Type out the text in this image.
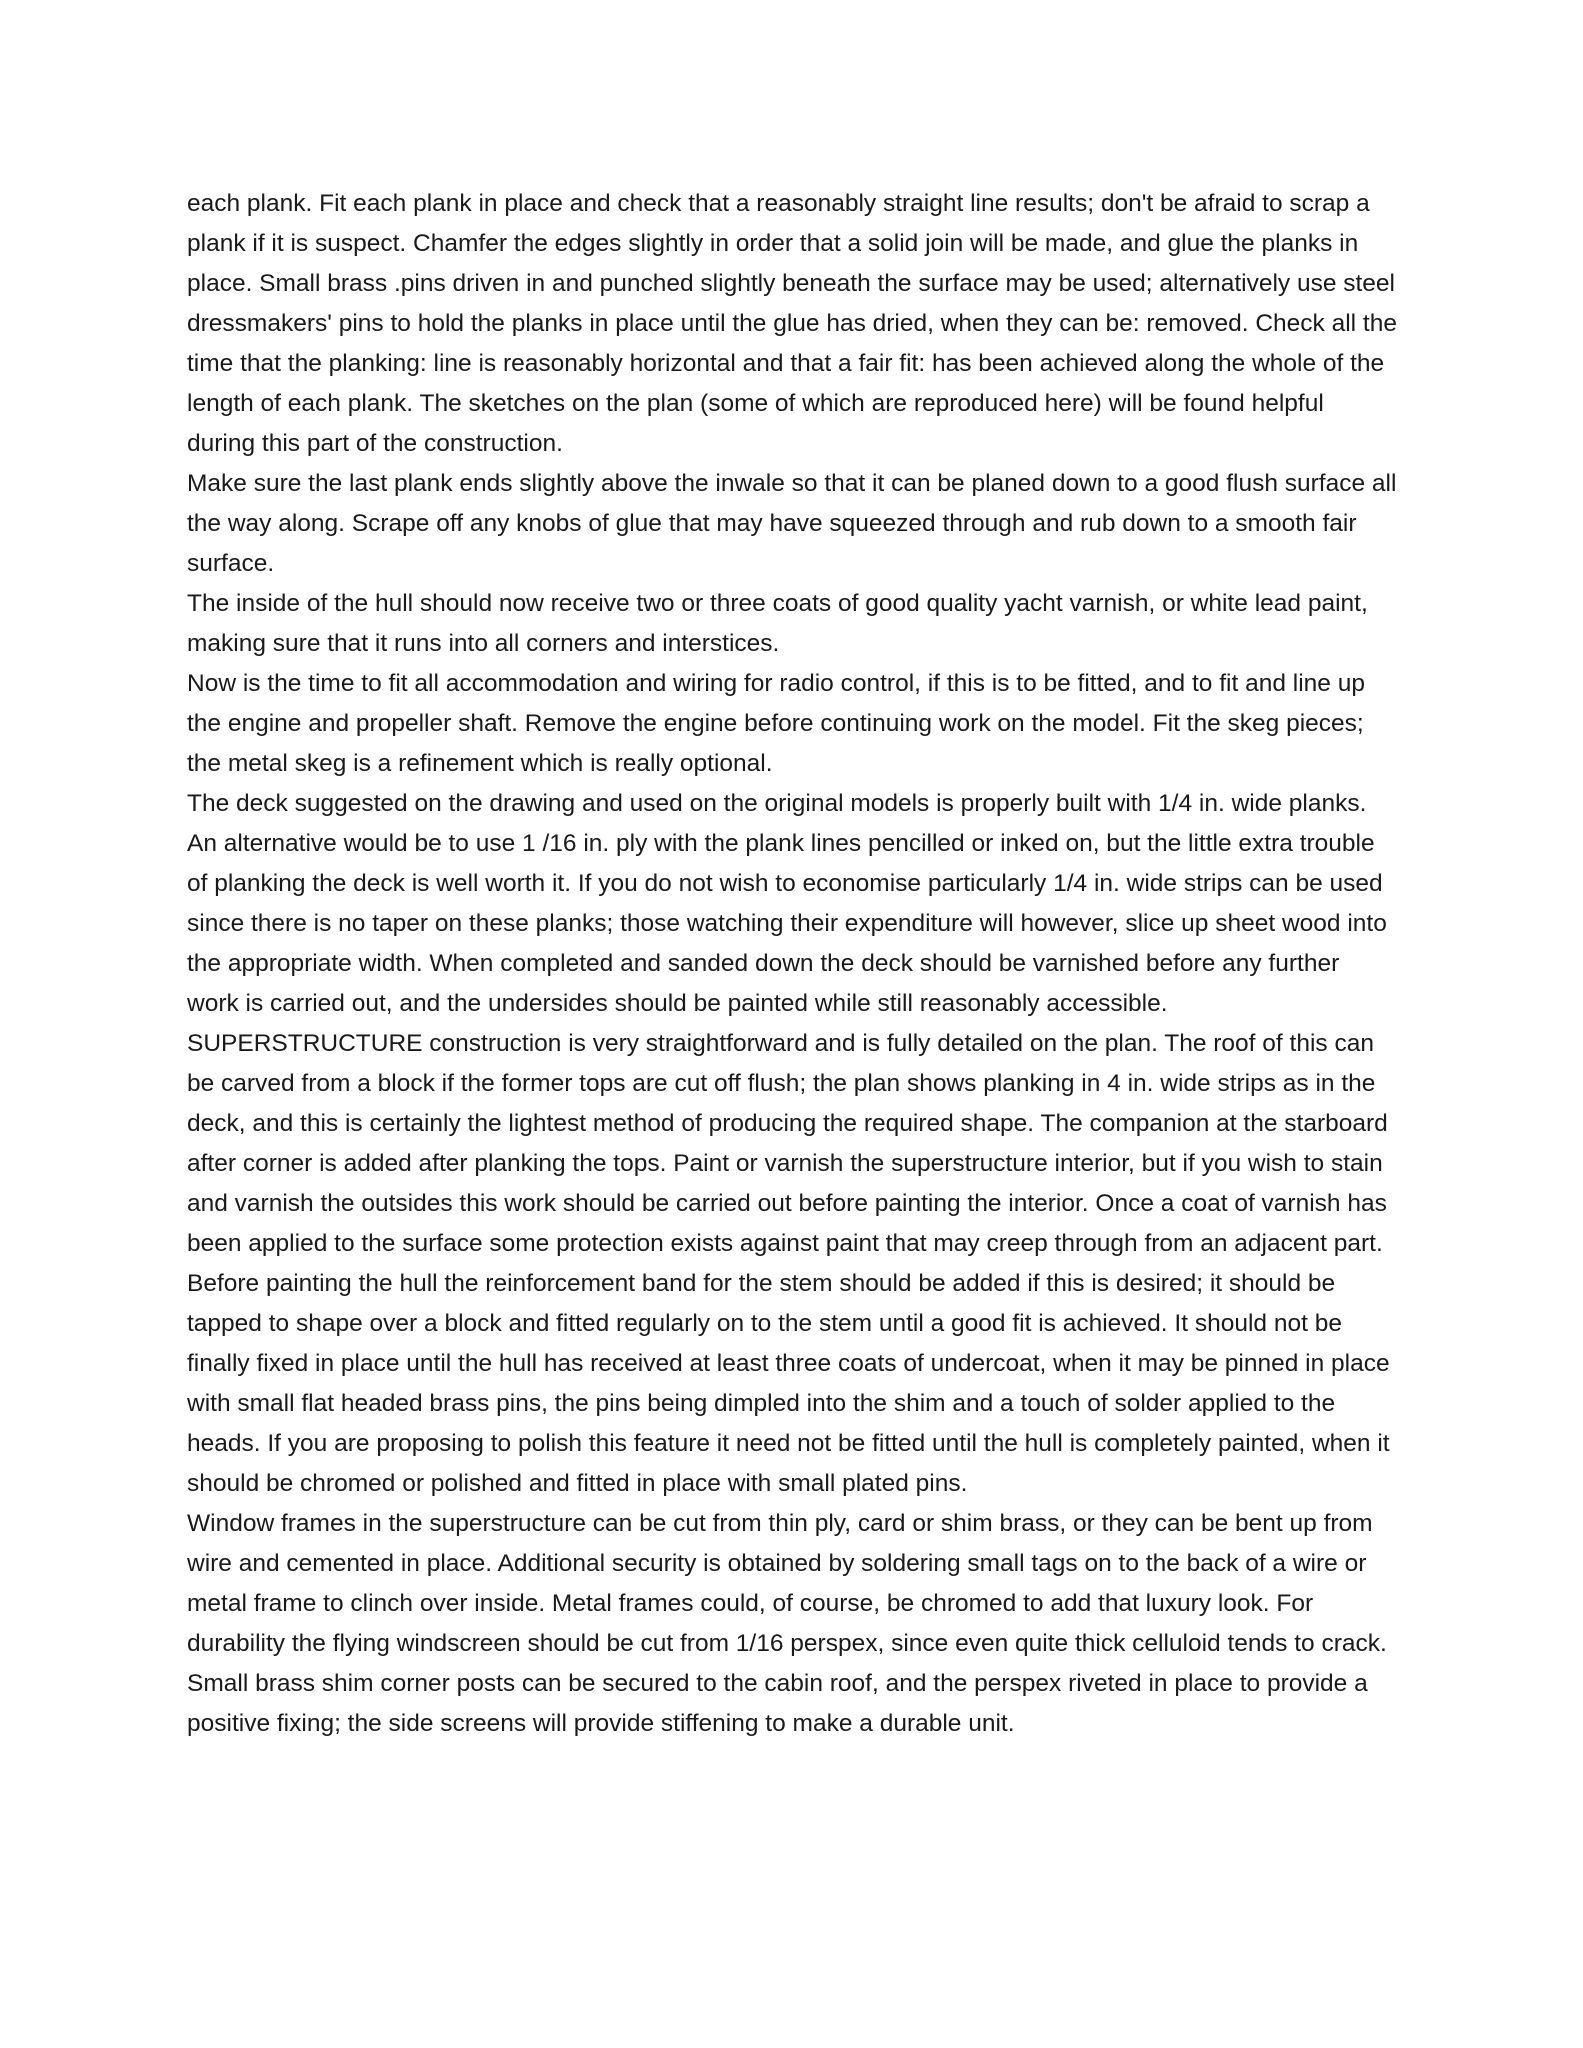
each plank. Fit each plank in place and check that a reasonably straight line results; don't be afraid to scrap a plank if it is suspect. Chamfer the edges slightly in order that a solid join will be made, and glue the planks in place. Small brass .pins driven in and punched slightly beneath the surface may be used; alternatively use steel dressmakers' pins to hold the planks in place until the glue has dried, when they can be: removed. Check all the time that the planking: line is reasonably horizontal and that a fair fit: has been achieved along the whole of the length of each plank. The sketches on the plan (some of which are reproduced here) will be found helpful during this part of the construction.

Make sure the last plank ends slightly above the inwale so that it can be planed down to a good flush surface all the way along. Scrape off any knobs of glue that may have squeezed through and rub down to a smooth fair surface.

The inside of the hull should now receive two or three coats of good quality yacht varnish, or white lead paint, making sure that it runs into all corners and interstices.

Now is the time to fit all accommodation and wiring for radio control, if this is to be fitted, and to fit and line up the engine and propeller shaft. Remove the engine before continuing work on the model. Fit the skeg pieces; the metal skeg is a refinement which is really optional.

The deck suggested on the drawing and used on the original models is properly built with 1/4 in. wide planks. An alternative would be to use 1 /16 in. ply with the plank lines pencilled or inked on, but the little extra trouble of planking the deck is well worth it. If you do not wish to economise particularly 1/4 in. wide strips can be used since there is no taper on these planks; those watching their expenditure will however, slice up sheet wood into the appropriate width. When completed and sanded down the deck should be varnished before any further work is carried out, and the undersides should be painted while still reasonably accessible.

SUPERSTRUCTURE construction is very straightforward and is fully detailed on the plan. The roof of this can be carved from a block if the former tops are cut off flush; the plan shows planking in 4 in. wide strips as in the deck, and this is certainly the lightest method of producing the required shape. The companion at the starboard after corner is added after planking the tops. Paint or varnish the superstructure interior, but if you wish to stain and varnish the outsides this work should be carried out before painting the interior. Once a coat of varnish has been applied to the surface some protection exists against paint that may creep through from an adjacent part.

Before painting the hull the reinforcement band for the stem should be added if this is desired; it should be tapped to shape over a block and fitted regularly on to the stem until a good fit is achieved. It should not be finally fixed in place until the hull has received at least three coats of undercoat, when it may be pinned in place with small flat headed brass pins, the pins being dimpled into the shim and a touch of solder applied to the heads. If you are proposing to polish this feature it need not be fitted until the hull is completely painted, when it should be chromed or polished and fitted in place with small plated pins.

Window frames in the superstructure can be cut from thin ply, card or shim brass, or they can be bent up from wire and cemented in place. Additional security is obtained by soldering small tags on to the back of a wire or metal frame to clinch over inside. Metal frames could, of course, be chromed to add that luxury look. For durability the flying windscreen should be cut from 1/16 perspex, since even quite thick celluloid tends to crack. Small brass shim corner posts can be secured to the cabin roof, and the perspex riveted in place to provide a positive fixing; the side screens will provide stiffening to make a durable unit.
